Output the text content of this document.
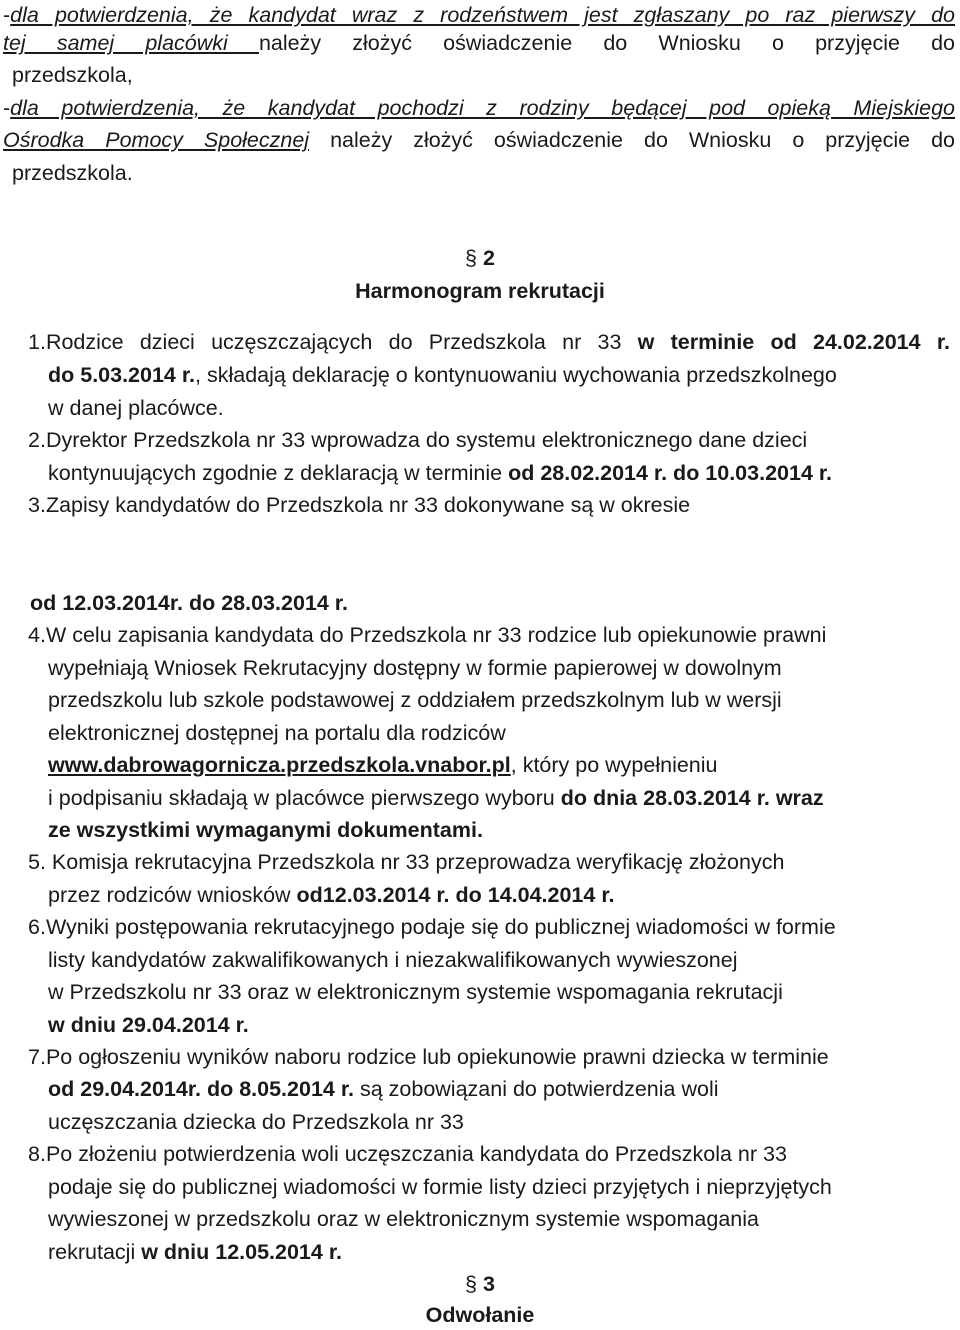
-dla potwierdzenia, że kandydat wraz z rodzeństwem jest zgłaszany po raz pierwszy do
tej samej placówki należy złożyć oświadczenie do Wniosku o przyjęcie do
przedszkola,
-dla potwierdzenia, że kandydat pochodzi z rodziny będącej pod opieką Miejskiego
Ośrodka Pomocy Społecznej należy złożyć oświadczenie do Wniosku o przyjęcie do
przedszkola.
§ 2
Harmonogram rekrutacji
1.Rodzice dzieci uczęszczających do Przedszkola nr 33 w terminie od 24.02.2014 r.
do 5.03.2014 r., składają deklarację o kontynuowaniu wychowania przedszkolnego
w danej placówce.
2.Dyrektor Przedszkola nr 33 wprowadza do systemu elektronicznego dane dzieci
kontynuujących zgodnie z deklaracją w terminie od 28.02.2014 r. do 10.03.2014 r.
3.Zapisy kandydatów do Przedszkola nr 33 dokonywane są w okresie
od 12.03.2014r. do 28.03.2014 r.
4.W celu zapisania kandydata do Przedszkola nr 33 rodzice lub opiekunowie prawni
wypełniają Wniosek Rekrutacyjny dostępny w formie papierowej w dowolnym
przedszkolu lub szkole podstawowej z oddziałem przedszkolnym lub w wersji
elektronicznej dostępnej na portalu dla rodziców
www.dabrowagornicza.przedszkola.vnabor.pl, który po wypełnieniu
i podpisaniu składają w placówce pierwszego wyboru do dnia 28.03.2014 r. wraz
ze wszystkimi wymaganymi dokumentami.
5. Komisja rekrutacyjna Przedszkola nr 33 przeprowadza weryfikację złożonych
przez rodziców wniosków od12.03.2014 r. do 14.04.2014 r.
6.Wyniki postępowania rekrutacyjnego podaje się do publicznej wiadomości w formie
listy kandydatów zakwalifikowanych i niezakwalifikowanych wywieszonej
w Przedszkolu nr 33 oraz w elektronicznym systemie wspomagania rekrutacji
w dniu 29.04.2014 r.
7.Po ogłoszeniu wyników naboru rodzice lub opiekunowie prawni dziecka w terminie
od 29.04.2014r. do 8.05.2014 r. są zobowiązani do potwierdzenia woli
uczęszczania dziecka do Przedszkola nr 33
8.Po złożeniu potwierdzenia woli uczęszczania kandydata do Przedszkola nr 33
podaje się do publicznej wiadomości w formie listy dzieci przyjętych i nieprzyjętych
wywieszonej w przedszkolu oraz w elektronicznym systemie wspomagania
rekrutacji w dniu 12.05.2014 r.
§ 3
Odwołanie
